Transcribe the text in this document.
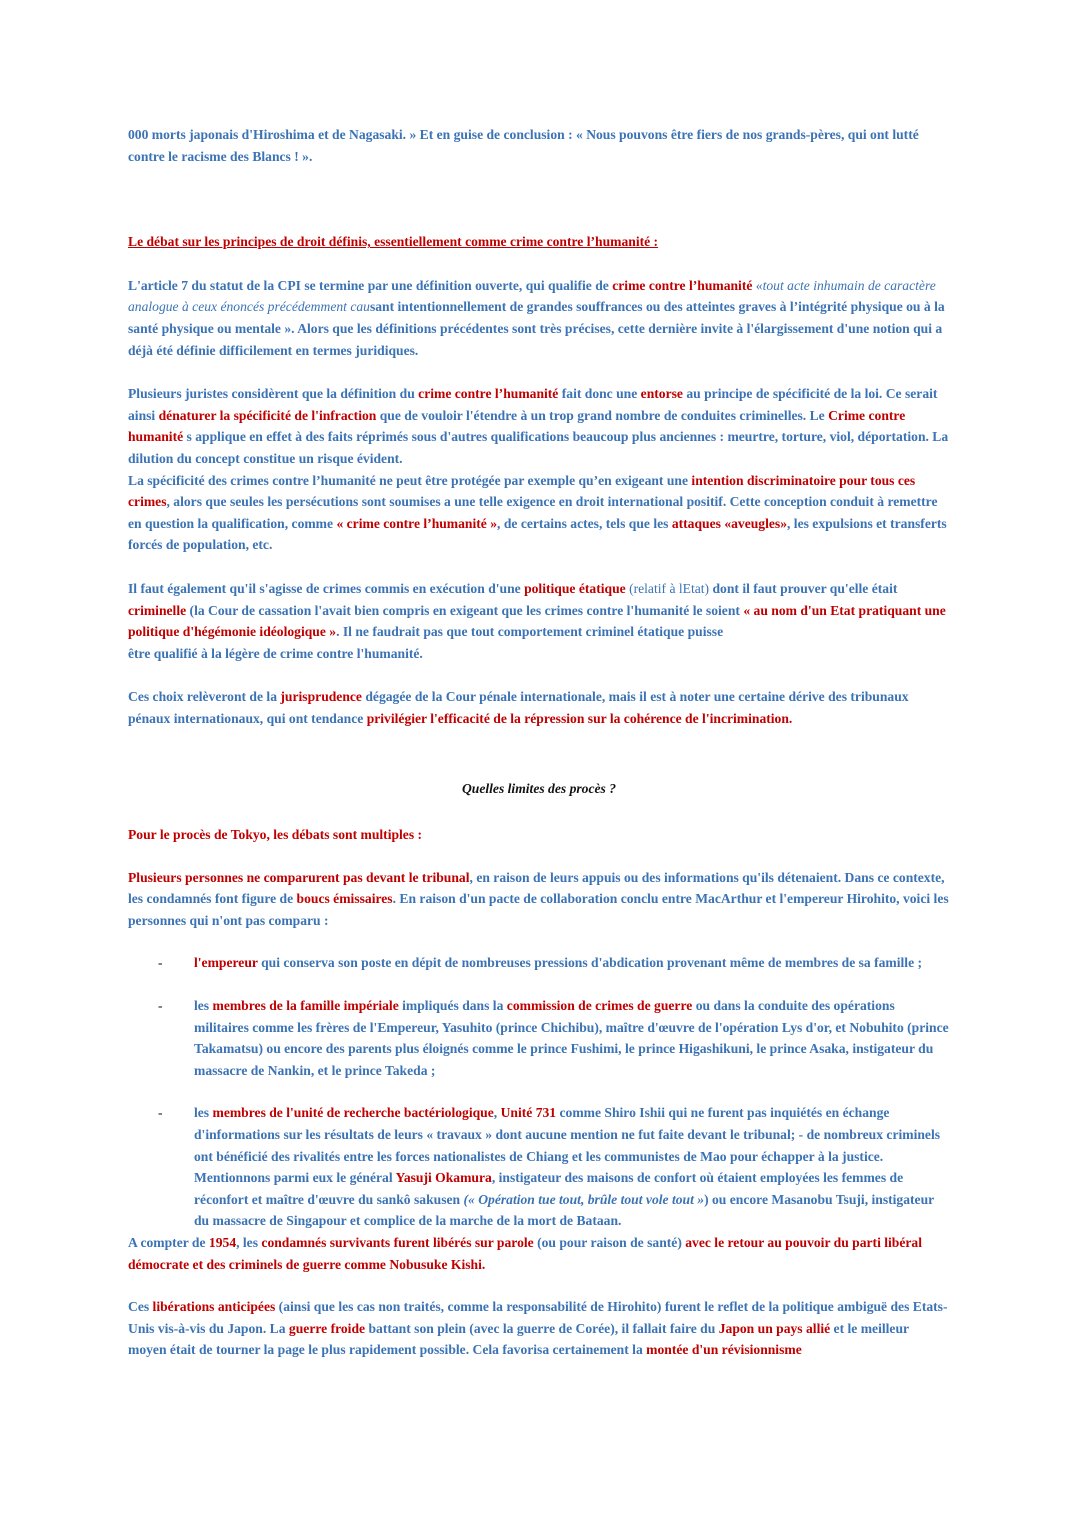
000 morts japonais d'Hiroshima et de Nagasaki. » Et en guise de conclusion : « Nous pouvons être fiers de nos grands-pères, qui ont lutté contre le racisme des Blancs ! ».

Le débat sur les principes de droit définis, essentiellement comme crime contre l’humanité :

L'article 7 du statut de la CPI se termine par une définition ouverte, qui qualifie de crime contre l’humanité «tout acte inhumain de caractère analogue à ceux énoncés précédemment causant intentionnellement de grandes souffrances ou des atteintes graves à l’intégrité physique ou à la santé physique ou mentale ». Alors que les définitions précédentes sont très précises, cette dernière invite à l'élargissement d'une notion qui a déjà été définie difficilement en termes juridiques.

Plusieurs juristes considèrent que la définition du crime contre l’humanité fait donc une entorse au principe de spécificité de la loi. Ce serait ainsi dénaturer la spécificité de l'infraction que de vouloir l'étendre à un trop grand nombre de conduites criminelles. Le Crime contre humanité s applique en effet à des faits réprimés sous d'autres qualifications beaucoup plus anciennes : meurtre, torture, viol, déportation. La dilution du concept constitue un risque évident.

La spécificité des crimes contre l’humanité ne peut être protégée par exemple qu’en exigeant une intention discriminatoire pour tous ces crimes, alors que seules les persécutions sont soumises a une telle exigence en droit international positif. Cette conception conduit à remettre en question la qualification, comme « crime contre l’humanité », de certains actes, tels que les attaques «aveugles», les expulsions et transferts forcés de population, etc.

Il faut également qu'il s'agisse de crimes commis en exécution d'une politique étatique (relatif à lEtat) dont il faut prouver qu'elle était criminelle (la Cour de cassation l'avait bien compris en exigeant que les crimes contre l'humanité le soient « au nom d'un Etat pratiquant une politique d'hégémonie idéologique ». Il ne faudrait pas que tout comportement criminel étatique puisse
être qualifié à la légère de crime contre l'humanité.

Ces choix relèveront de la jurisprudence dégagée de la Cour pénale internationale, mais il est à noter une certaine dérive des tribunaux pénaux internationaux, qui ont tendance privilégier l'efficacité de la répression sur la cohérence de l'incrimination.

Quelles limites des procès ?

Pour le procès de Tokyo, les débats sont multiples :

Plusieurs personnes ne comparurent pas devant le tribunal, en raison de leurs appuis ou des informations qu'ils détenaient. Dans ce contexte, les condamnés font figure de boucs émissaires. En raison d'un pacte de collaboration conclu entre MacArthur et l'empereur Hirohito, voici les personnes qui n'ont pas comparu :

- l'empereur qui conserva son poste en dépit de nombreuses pressions d'abdication provenant même de membres de sa famille ;
- les membres de la famille impériale impliqués dans la commission de crimes de guerre ou dans la conduite des opérations militaires comme les frères de l'Empereur, Yasuhito (prince Chichibu), maître d'œuvre de l'opération Lys d'or, et Nobuhito (prince Takamatsu) ou encore des parents plus éloignés comme le prince Fushimi, le prince Higashikuni, le prince Asaka, instigateur du massacre de Nankin, et le prince Takeda ;
- les membres de l'unité de recherche bactériologique, Unité 731 comme Shiro Ishii qui ne furent pas inquiétés en échange d'informations sur les résultats de leurs « travaux » dont aucune mention ne fut faite devant le tribunal; - de nombreux criminels ont bénéficié des rivalités entre les forces nationalistes de Chiang et les communistes de Mao pour échapper à la justice. Mentionnons parmi eux le général Yasuji Okamura, instigateur des maisons de confort où étaient employées les femmes de réconfort et maître d'œuvre du sankô sakusen (« Opération tue tout, brûle tout vole tout ») ou encore Masanobu Tsuji, instigateur du massacre de Singapour et complice de la marche de la mort de Bataan.

A compter de 1954, les condamnés survivants furent libérés sur parole (ou pour raison de santé) avec le retour au pouvoir du parti libéral démocrate et des criminels de guerre comme Nobusuke Kishi.

Ces libérations anticipées (ainsi que les cas non traités, comme la responsabilité de Hirohito) furent le reflet de la politique ambiguë des Etats-Unis vis-à-vis du Japon. La guerre froide battant son plein (avec la guerre de Corée), il fallait faire du Japon un pays allié et le meilleur moyen était de tourner la page le plus rapidement possible. Cela favorisa certainement la montée d'un révisionnisme
